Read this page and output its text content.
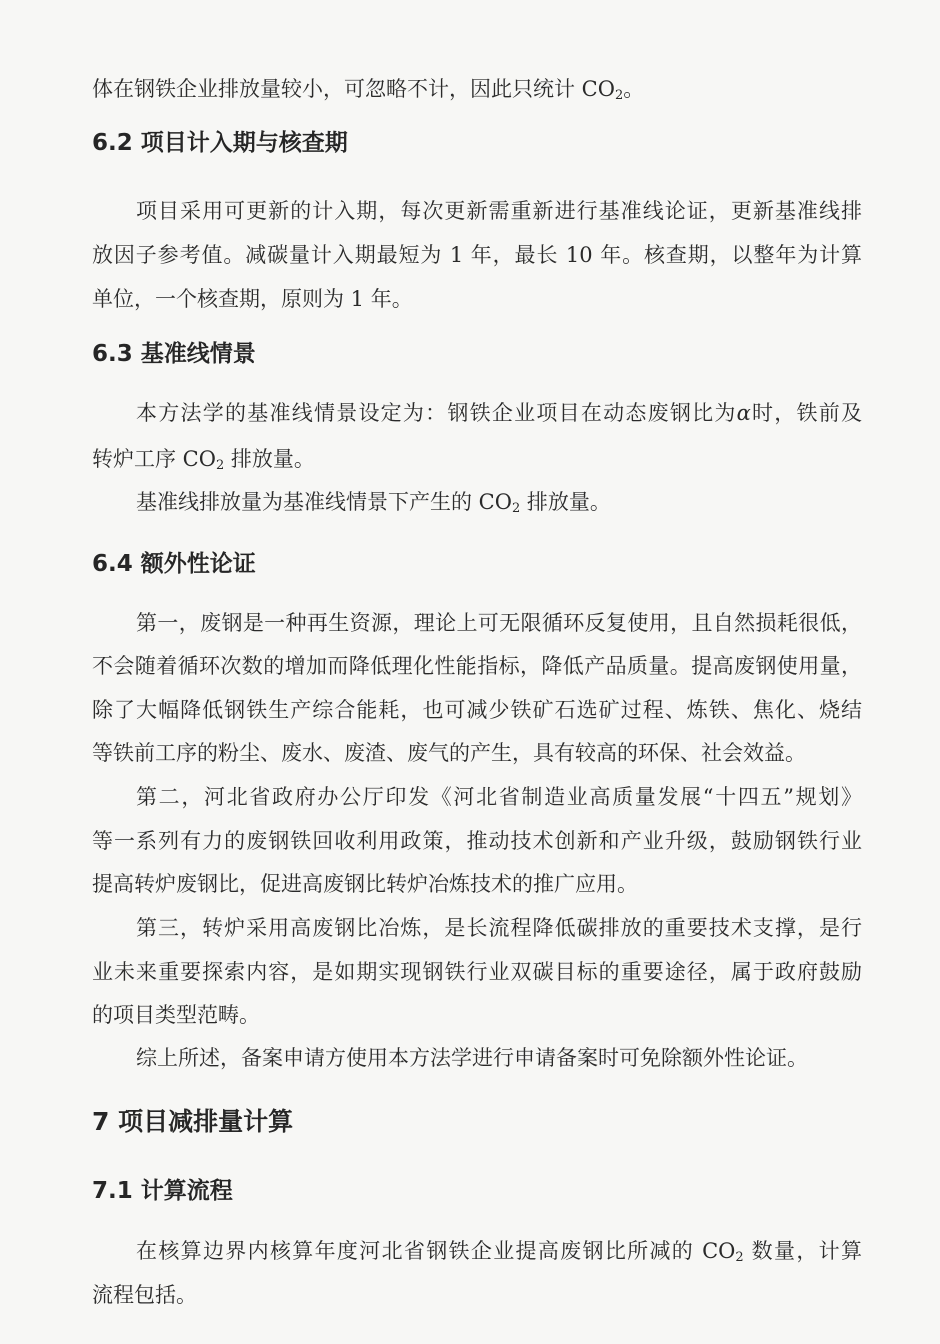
体在钢铁企业排放量较小，可忽略不计，因此只统计 $CO_2$。
6.2 项目计入期与核查期
项目采用可更新的计入期，每次更新需重新进行基准线论证，更新基准线排
放因子参考值。减碳量计入期最短为 1 年，最长 10 年。核查期，以整年为计算
单位，一个核查期，原则为 1 年。
6.3 基准线情景
本方法学的基准线情景设定为：钢铁企业项目在动态废钢比为α时，铁前及
转炉工序 $CO_2$ 排放量。
基准线排放量为基准线情景下产生的 $CO_2$ 排放量。
6.4 额外性论证
第一，废钢是一种再生资源，理论上可无限循环反复使用，且自然损耗很低，
不会随着循环次数的增加而降低理化性能指标，降低产品质量。提高废钢使用量，
除了大幅降低钢铁生产综合能耗，也可减少铁矿石选矿过程、炼铁、焦化、烧结
等铁前工序的粉尘、废水、废渣、废气的产生，具有较高的环保、社会效益。
第二，河北省政府办公厅印发《河北省制造业高质量发展“十四五”规划》
等一系列有力的废钢铁回收利用政策，推动技术创新和产业升级，鼓励钢铁行业
提高转炉废钢比，促进高废钢比转炉冶炼技术的推广应用。
第三，转炉采用高废钢比冶炼，是长流程降低碳排放的重要技术支撑，是行
业未来重要探索内容，是如期实现钢铁行业双碳目标的重要途径，属于政府鼓励
的项目类型范畴。
综上所述，备案申请方使用本方法学进行申请备案时可免除额外性论证。
7 项目减排量计算
7.1 计算流程
在核算边界内核算年度河北省钢铁企业提高废钢比所减的 $CO_2$ 数量，计算
流程包括。
